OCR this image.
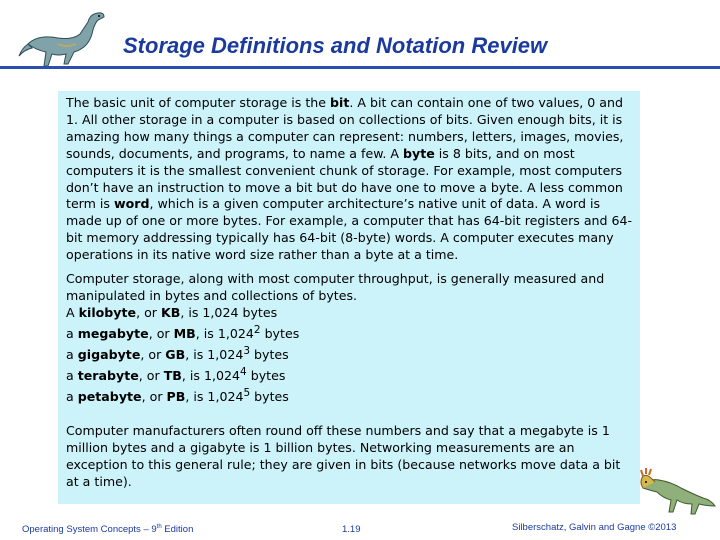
Storage Definitions and Notation Review

The basic unit of computer storage is the bit. A bit can contain one of two values, 0 and 1. All other storage in a computer is based on collections of bits. Given enough bits, it is amazing how many things a computer can represent: numbers, letters, images, movies, sounds, documents, and programs, to name a few. A byte is 8 bits, and on most computers it is the smallest convenient chunk of storage. For example, most computers don’t have an instruction to move a bit but do have one to move a byte. A less common term is word, which is a given computer architecture’s native unit of data. A word is made up of one or more bytes. For example, a computer that has 64-bit registers and 64-bit memory addressing typically has 64-bit (8-byte) words. A computer executes many operations in its native word size rather than a byte at a time.

Computer storage, along with most computer throughput, is generally measured and manipulated in bytes and collections of bytes.

A kilobyte, or KB, is 1,024 bytes
a megabyte, or MB, is 1,024$^2$ bytes
a gigabyte, or GB, is 1,024$^3$ bytes
a terabyte, or TB, is 1,024$^4$ bytes
a petabyte, or PB, is 1,024$^5$ bytes

Computer manufacturers often round off these numbers and say that a megabyte is 1 million bytes and a gigabyte is 1 billion bytes. Networking measurements are an exception to this general rule; they are given in bits (because networks move data a bit at a time).

Operating System Concepts – 9th Edition	1.19	Silberschatz, Galvin and Gagne ©2013
